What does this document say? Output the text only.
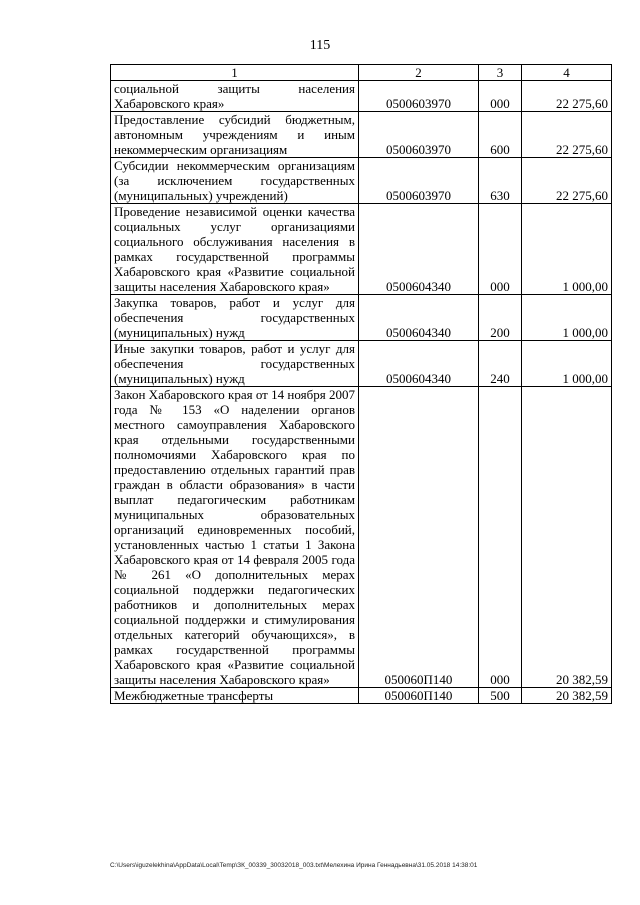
115
1	2	3	4
социальной защиты населения Хабаровского края»	0500603970	000	22 275,60
Предоставление субсидий бюджетным, автономным учреждениям и иным некоммерческим организациям	0500603970	600	22 275,60
Субсидии некоммерческим организациям (за исключением государственных (муниципальных) учреждений)	0500603970	630	22 275,60
Проведение независимой оценки качества социальных услуг организациями социального обслуживания населения в рамках государственной программы Хабаровского края «Развитие социальной защиты населения Хабаровского края»	0500604340	000	1 000,00
Закупка товаров, работ и услуг для обеспечения государственных (муниципальных) нужд	0500604340	200	1 000,00
Иные закупки товаров, работ и услуг для обеспечения государственных (муниципальных) нужд	0500604340	240	1 000,00
Закон Хабаровского края от 14 ноября 2007 года № 153 «О наделении органов местного самоуправления Хабаровского края отдельными государственными полномочиями Хабаровского края по предоставлению отдельных гарантий прав граждан в области образования» в части выплат педагогическим работникам муниципальных образовательных организаций единовременных пособий, установленных частью 1 статьи 1 Закона Хабаровского края от 14 февраля 2005 года № 261 «О дополнительных мерах социальной поддержки педагогических работников и дополнительных мерах социальной поддержки и стимулирования отдельных категорий обучающихся», в рамках государственной программы Хабаровского края «Развитие социальной защиты населения Хабаровского края»	050060П140	000	20 382,59
Межбюджетные трансферты	050060П140	500	20 382,59
C:\Users\iguzelekhina\AppData\Local\Temp\ЗК_00339_30032018_003.txt\Мелехина Ирина Геннадьевна\31.05.2018 14:38:01
